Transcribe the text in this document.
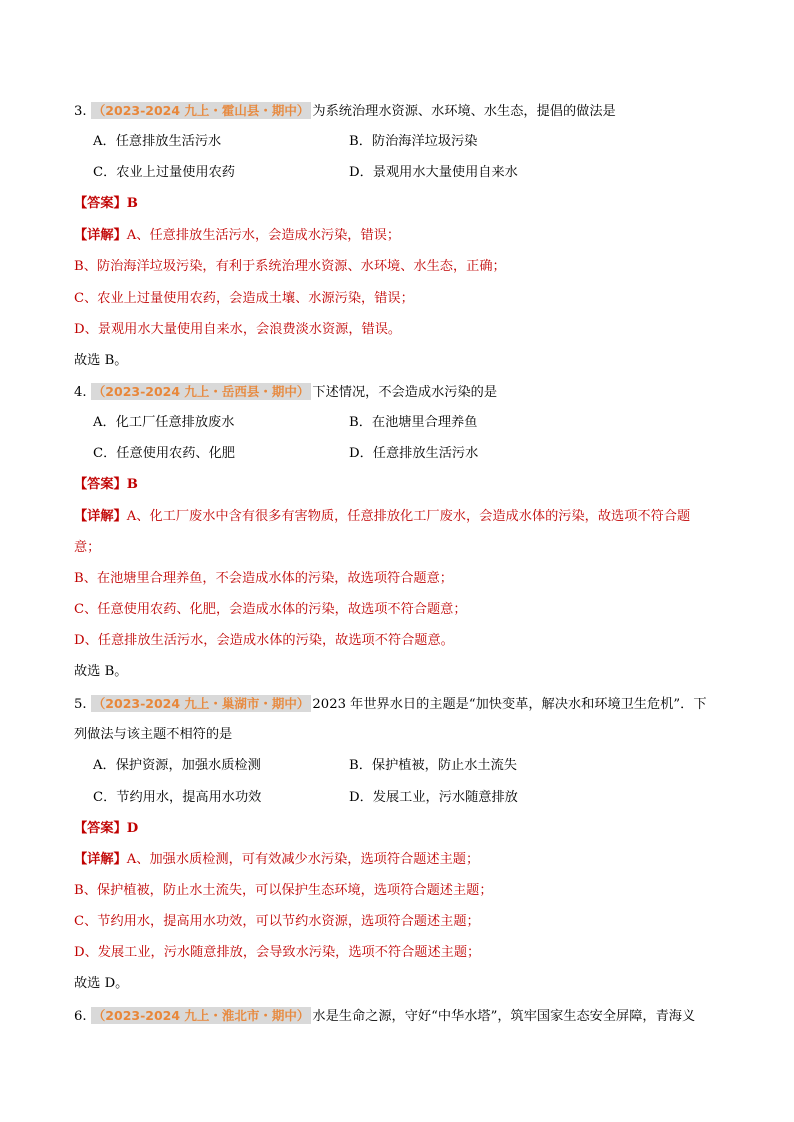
3. （2023-2024 九上・霍山县・期中） 为系统治理水资源、水环境、水生态，提倡的做法是
A．任意排放生活污水	B．防治海洋垃圾污染
C．农业上过量使用农药	D．景观用水大量使用自来水
【答案】B
【详解】A、任意排放生活污水，会造成水污染，错误；
B、防治海洋垃圾污染，有利于系统治理水资源、水环境、水生态，正确；
C、农业上过量使用农药，会造成土壤、水源污染，错误；
D、景观用水大量使用自来水，会浪费淡水资源，错误。
故选 B。
4. （2023-2024 九上・岳西县・期中） 下述情况，不会造成水污染的是
A．化工厂任意排放废水	B．在池塘里合理养鱼
C．任意使用农药、化肥	D．任意排放生活污水
【答案】B
【详解】A、化工厂废水中含有很多有害物质，任意排放化工厂废水，会造成水体的污染，故选项不符合题
意；
B、在池塘里合理养鱼，不会造成水体的污染，故选项符合题意；
C、任意使用农药、化肥，会造成水体的污染，故选项不符合题意；
D、任意排放生活污水，会造成水体的污染，故选项不符合题意。
故选 B。
5. （2023-2024 九上・巢湖市・期中） 2023 年世界水日的主题是“加快变革，解决水和环境卫生危机”．下
列做法与该主题不相符的是
A．保护资源，加强水质检测	B．保护植被，防止水土流失
C．节约用水，提高用水功效	D．发展工业，污水随意排放
【答案】D
【详解】A、加强水质检测，可有效减少水污染，选项符合题述主题；
B、保护植被，防止水土流失，可以保护生态环境，选项符合题述主题；
C、节约用水，提高用水功效，可以节约水资源，选项符合题述主题；
D、发展工业，污水随意排放，会导致水污染，选项不符合题述主题；
故选 D。
6. （2023-2024 九上・淮北市・期中） 水是生命之源，守好“中华水塔”，筑牢国家生态安全屏障，青海义
